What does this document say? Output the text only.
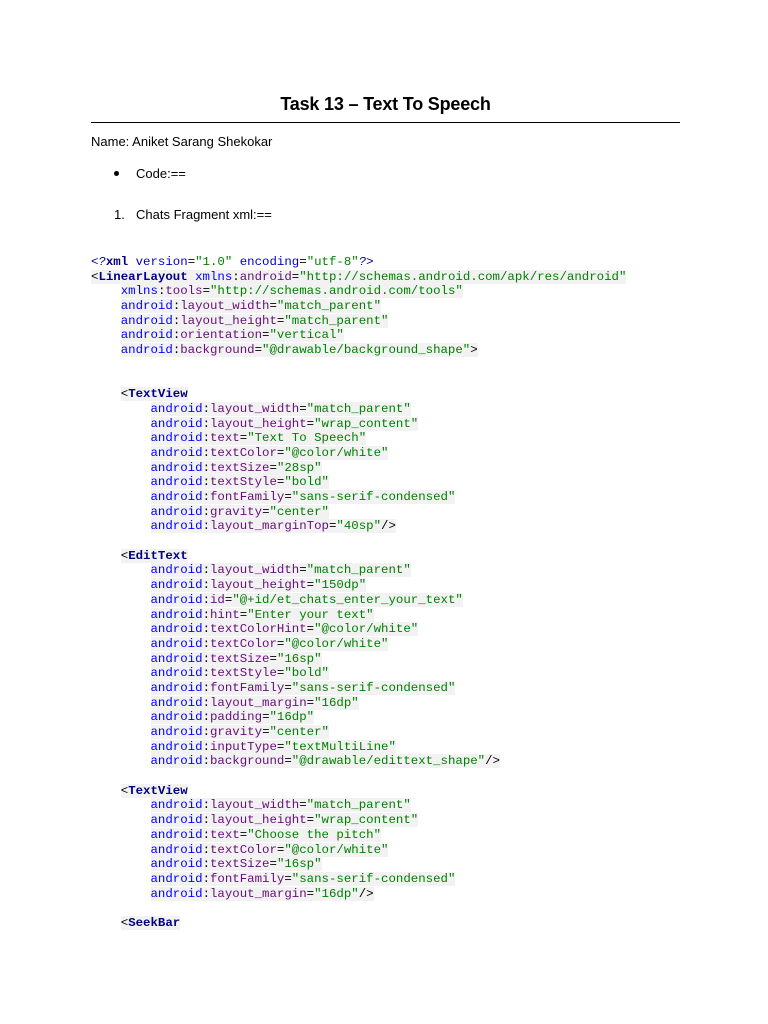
Task 13 – Text To Speech
Name: Aniket Sarang Shekokar
Code:==
1. Chats Fragment xml:==
<?xml version="1.0" encoding="utf-8"?>
<LinearLayout xmlns:android="http://schemas.android.com/apk/res/android"
xmlns:tools="http://schemas.android.com/tools"
android:layout_width="match_parent"
android:layout_height="match_parent"
android:orientation="vertical"
android:background="@drawable/background_shape">
<TextView
android:layout_width="match_parent"
android:layout_height="wrap_content"
android:text="Text To Speech"
android:textColor="@color/white"
android:textSize="28sp"
android:textStyle="bold"
android:fontFamily="sans-serif-condensed"
android:gravity="center"
android:layout_marginTop="40sp"/>
<EditText
android:layout_width="match_parent"
android:layout_height="150dp"
android:id="@+id/et_chats_enter_your_text"
android:hint="Enter your text"
android:textColorHint="@color/white"
android:textColor="@color/white"
android:textSize="16sp"
android:textStyle="bold"
android:fontFamily="sans-serif-condensed"
android:layout_margin="16dp"
android:padding="16dp"
android:gravity="center"
android:inputType="textMultiLine"
android:background="@drawable/edittext_shape"/>
<TextView
android:layout_width="match_parent"
android:layout_height="wrap_content"
android:text="Choose the pitch"
android:textColor="@color/white"
android:textSize="16sp"
android:fontFamily="sans-serif-condensed"
android:layout_margin="16dp"/>
<SeekBar
